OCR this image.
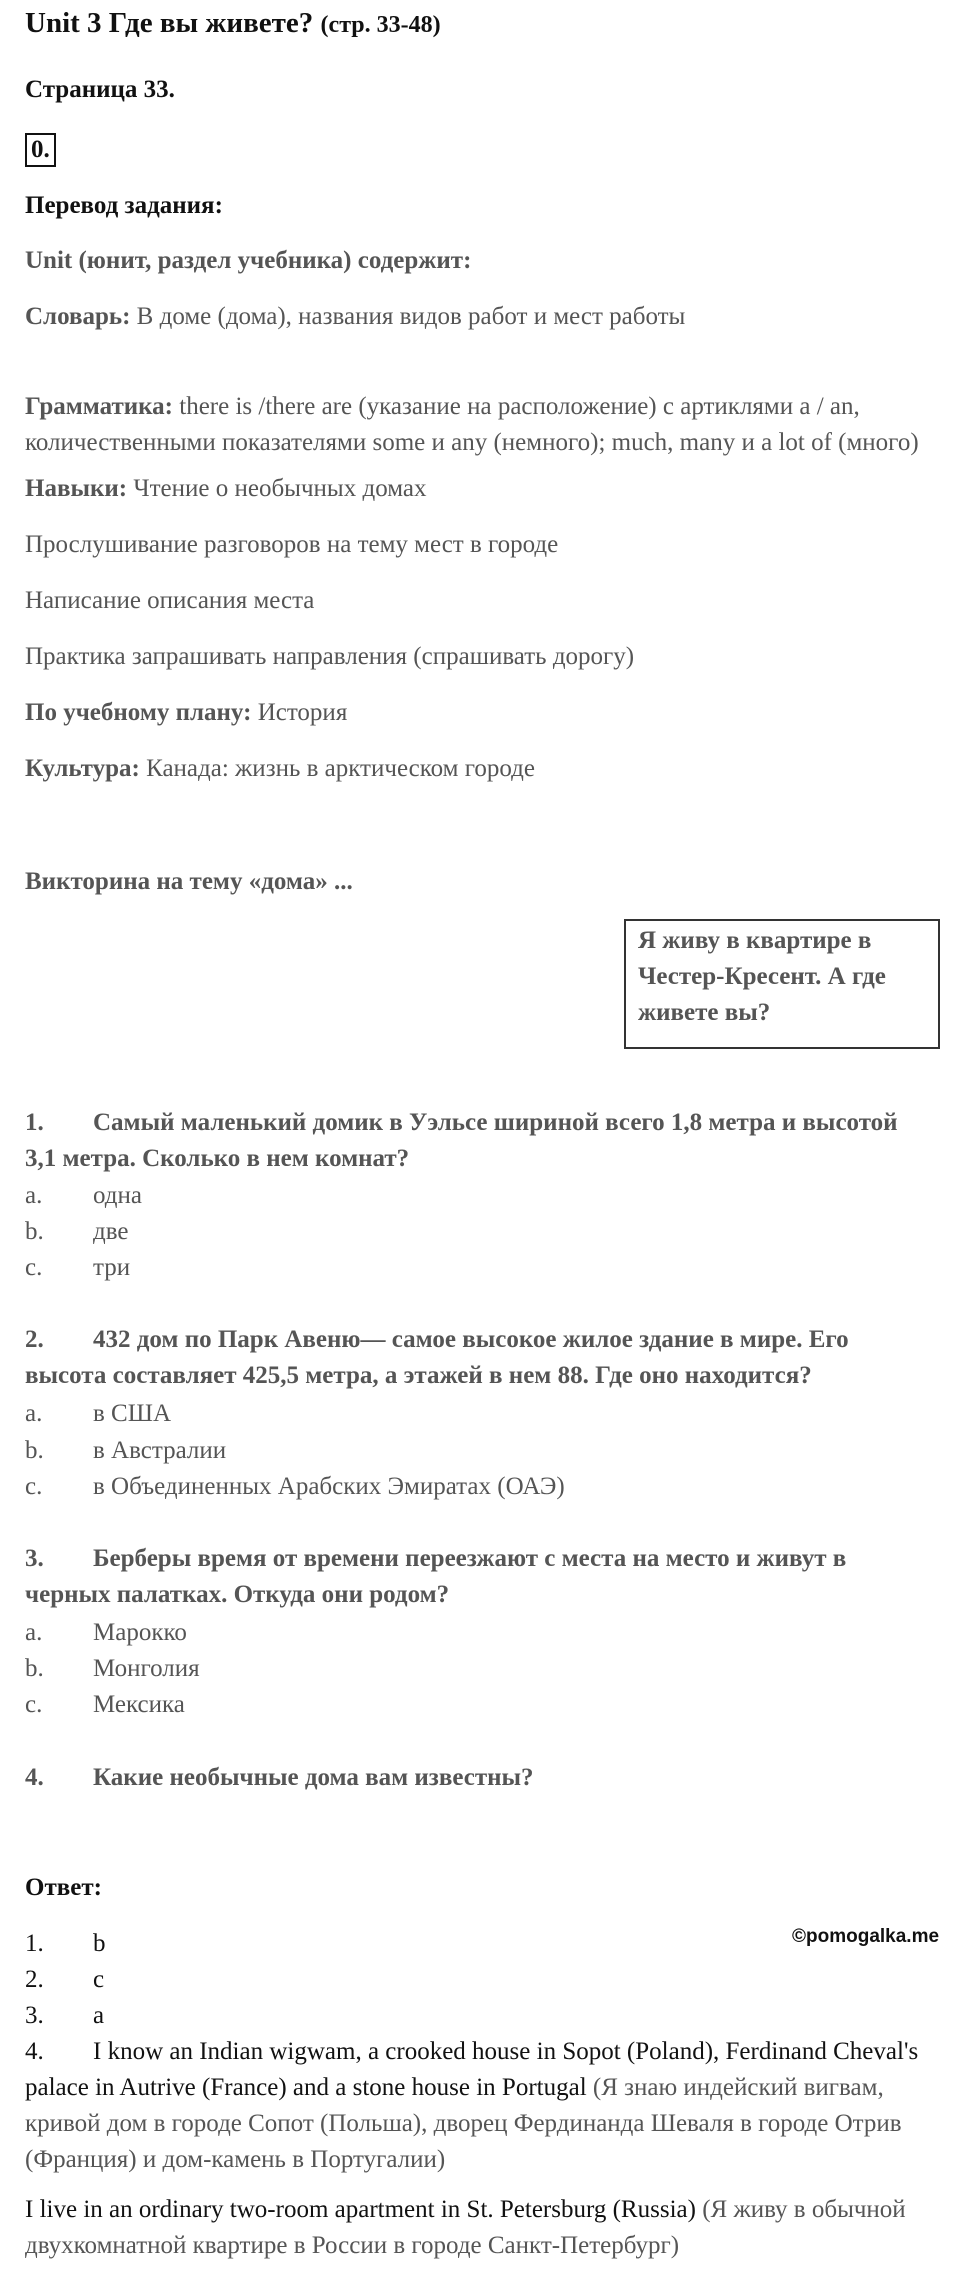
Unit 3 Где вы живете? (стр. 33-48)
Страница 33.
0.
Перевод задания:
Unit (юнит, раздел учебника) содержит:
Словарь: В доме (дома), названия видов работ и мест работы
Грамматика: there is /there are (указание на расположение) с артиклями a / an, количественными показателями some и any (немного); much, many и a lot of (много)
Навыки: Чтение о необычных домах
Прослушивание разговоров на тему мест в городе
Написание описания места
Практика запрашивать направления (спрашивать дорогу)
По учебному плану: История
Культура: Канада: жизнь в арктическом городе
Викторина на тему «дома» ...
Я живу в квартире в Честер-Кресент. А где живете вы?
1. Самый маленький домик в Уэльсе шириной всего 1,8 метра и высотой 3,1 метра. Сколько в нем комнат?
a. одна
b. две
c. три
2. 432 дом по Парк Авеню— самое высокое жилое здание в мире. Его высота составляет 425,5 метра, а этажей в нем 88. Где оно находится?
a. в США
b. в Австралии
c. в Объединенных Арабских Эмиратах (ОАЭ)
3. Берберы время от времени переезжают с места на место и живут в черных палатках. Откуда они родом?
a. Марокко
b. Монголия
c. Мексика
4. Какие необычные дома вам известны?
Ответ:
©pomogalka.me
1. b
2. c
3. a
4. I know an Indian wigwam, a crooked house in Sopot (Poland), Ferdinand Cheval's palace in Autrive (France) and a stone house in Portugal (Я знаю индейский вигвам, кривой дом в городе Сопот (Польша), дворец Фердинанда Шеваля в городе Отрив (Франция) и дом-камень в Португалии)
I live in an ordinary two-room apartment in St. Petersburg (Russia) (Я живу в обычной двухкомнатной квартире в России в городе Санкт-Петербург)
